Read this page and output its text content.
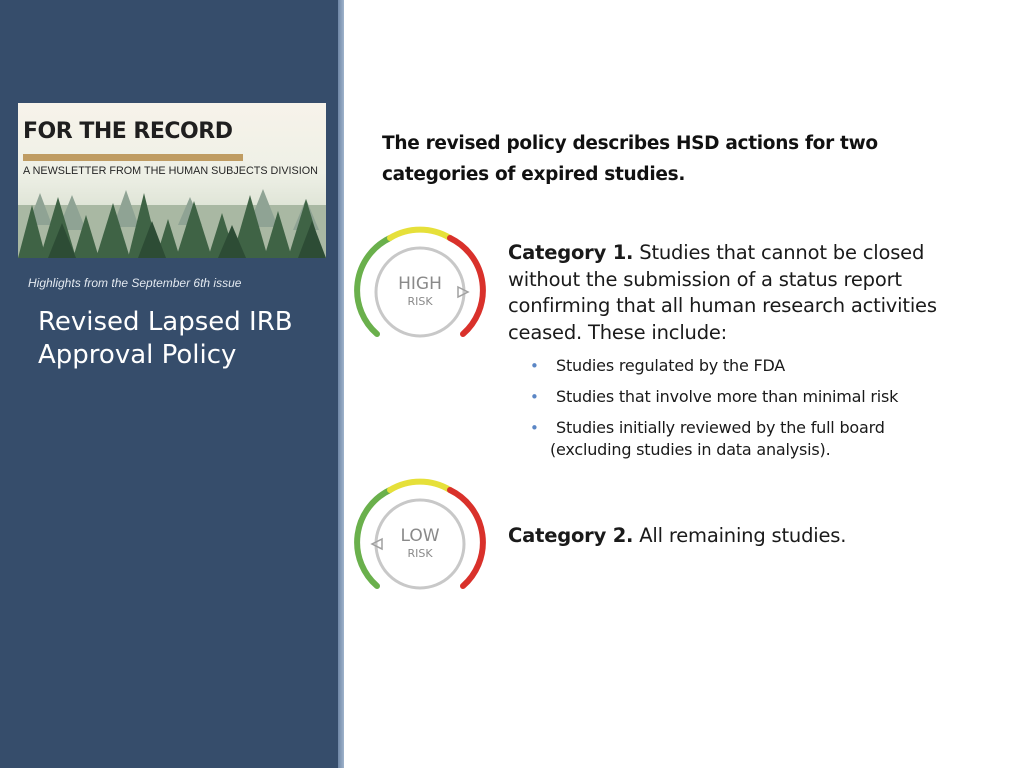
FOR THE RECORD
A NEWSLETTER FROM THE HUMAN SUBJECTS DIVISION
Highlights from the September 6th issue
Revised Lapsed IRB Approval Policy
The revised policy describes HSD actions for two categories of expired studies.
HIGH
RISK
Category 1. Studies that cannot be closed without the submission of a status report confirming that all human research activities ceased. These include:
• Studies regulated by the FDA
• Studies that involve more than minimal risk
• Studies initially reviewed by the full board
(excluding studies in data analysis).
LOW
RISK
Category 2. All remaining studies.
